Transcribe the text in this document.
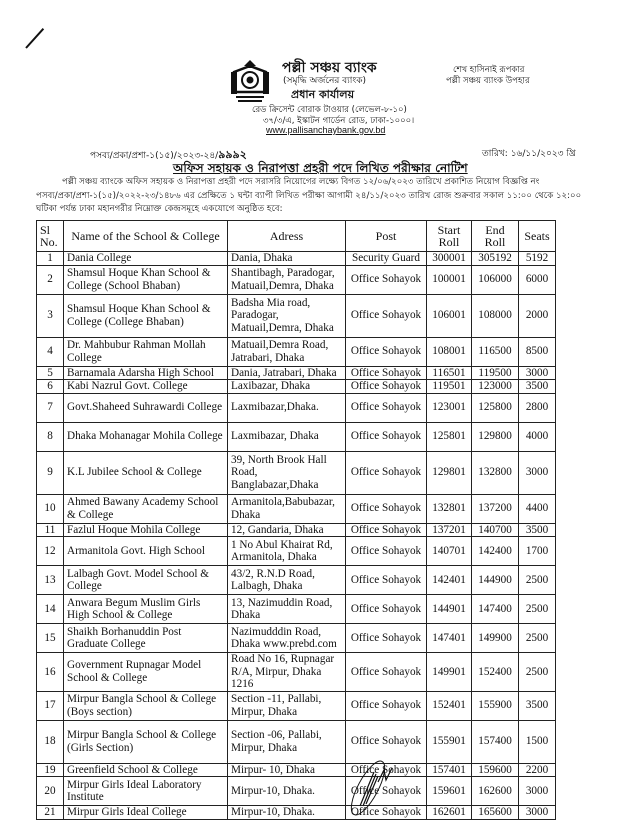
পল্লী সঞ্চয় ব্যাংক
(সমৃদ্ধি অর্জনের ব্যাংক)
প্রধান কার্যালয়
রেড ক্রিসেন্ট বোরাক টাওয়ার (লেভেল-৮-১০)
৩৭/৩/এ, ইস্কাটন গার্ডেন রোড, ঢাকা-১০০০।
www.pallisanchaybank.gov.bd
শেখ হাসিনাই রূপকার
পল্লী সঞ্চয় ব্যাংক উপহার
পসব্য/প্রকা/প্রশা-১(১৫)/২০২৩-২৪/৯৯৯২	তারিখ: ১৬/১১/২০২৩ খ্রি
অফিস সহায়ক ও নিরাপত্তা প্রহরী পদে লিখিত পরীক্ষার নোটিশ
পল্লী সঞ্চয় ব্যাংকে অফিস সহায়ক ও নিরাপত্তা প্রহরী পদে সরাসরি নিয়োগের লক্ষ্যে বিগত ১২/০৬/২০২৩ তারিখে প্রকাশিত নিয়োগ বিজ্ঞপ্তি নং
পসব্য/প্রকা/প্রশা-১(১৫)/২০২২-২৩/১৪৮৬ এর প্রেক্ষিতে ১ ঘন্টা ব্যাপী লিখিত পরীক্ষা আগামী ২৪/১১/২০২৩ তারিখ রোজ শুক্রবার সকাল ১১:০০ থেকে ১২:০০
ঘটিকা পর্যন্ত ঢাকা মহানগরীর নিম্নোক্ত কেন্দ্রসমূহে একযোগে অনুষ্ঠিত হবে:
Sl No.	Name of the School & College	Adress	Post	Start Roll	End Roll	Seats
1	Dania College	Dania, Dhaka	Security Guard	300001	305192	5192
2	Shamsul Hoque Khan School & College (School Bhaban)	Shantibagh, Paradogar, Matuail,Demra, Dhaka	Office Sohayok	100001	106000	6000
3	Shamsul Hoque Khan School & College (College Bhaban)	Badsha Mia road, Paradogar, Matuail,Demra, Dhaka	Office Sohayok	106001	108000	2000
4	Dr. Mahbubur Rahman Mollah College	Matuail,Demra Road, Jatrabari, Dhaka	Office Sohayok	108001	116500	8500
5	Barnamala Adarsha High School	Dania, Jatrabari, Dhaka	Office Sohayok	116501	119500	3000
6	Kabi Nazrul Govt. College	Laxibazar, Dhaka	Office Sohayok	119501	123000	3500
7	Govt.Shaheed Suhrawardi College	Laxmibazar,Dhaka.	Office Sohayok	123001	125800	2800
8	Dhaka Mohanagar Mohila College	Laxmibazar, Dhaka	Office Sohayok	125801	129800	4000
9	K.L Jubilee School & College	39, North Brook Hall Road, Banglabazar,Dhaka	Office Sohayok	129801	132800	3000
10	Ahmed Bawany Academy School & College	Armanitola,Babubazar, Dhaka	Office Sohayok	132801	137200	4400
11	Fazlul Hoque Mohila College	12, Gandaria, Dhaka	Office Sohayok	137201	140700	3500
12	Armanitola Govt. High School	1 No Abul Khairat Rd, Armanitola, Dhaka	Office Sohayok	140701	142400	1700
13	Lalbagh Govt. Model School & College	43/2, R.N.D Road, Lalbagh, Dhaka	Office Sohayok	142401	144900	2500
14	Anwara Begum Muslim Girls High School & College	13, Nazimuddin Road, Dhaka	Office Sohayok	144901	147400	2500
15	Shaikh Borhanuddin Post Graduate College	Nazimudddin Road, Dhaka www.prebd.com	Office Sohayok	147401	149900	2500
16	Government Rupnagar Model School & College	Road No 16, Rupnagar R/A, Mirpur, Dhaka 1216	Office Sohayok	149901	152400	2500
17	Mirpur Bangla School & College (Boys section)	Section -11, Pallabi, Mirpur, Dhaka	Office Sohayok	152401	155900	3500
18	Mirpur Bangla School & College (Girls Section)	Section -06, Pallabi, Mirpur, Dhaka	Office Sohayok	155901	157400	1500
19	Greenfield School & College	Mirpur- 10, Dhaka	Office Sohayok	157401	159600	2200
20	Mirpur Girls Ideal Laboratory Institute	Mirpur-10, Dhaka.	Office Sohayok	159601	162600	3000
21	Mirpur Girls Ideal College	Mirpur-10, Dhaka.	Office Sohayok	162601	165600	3000
